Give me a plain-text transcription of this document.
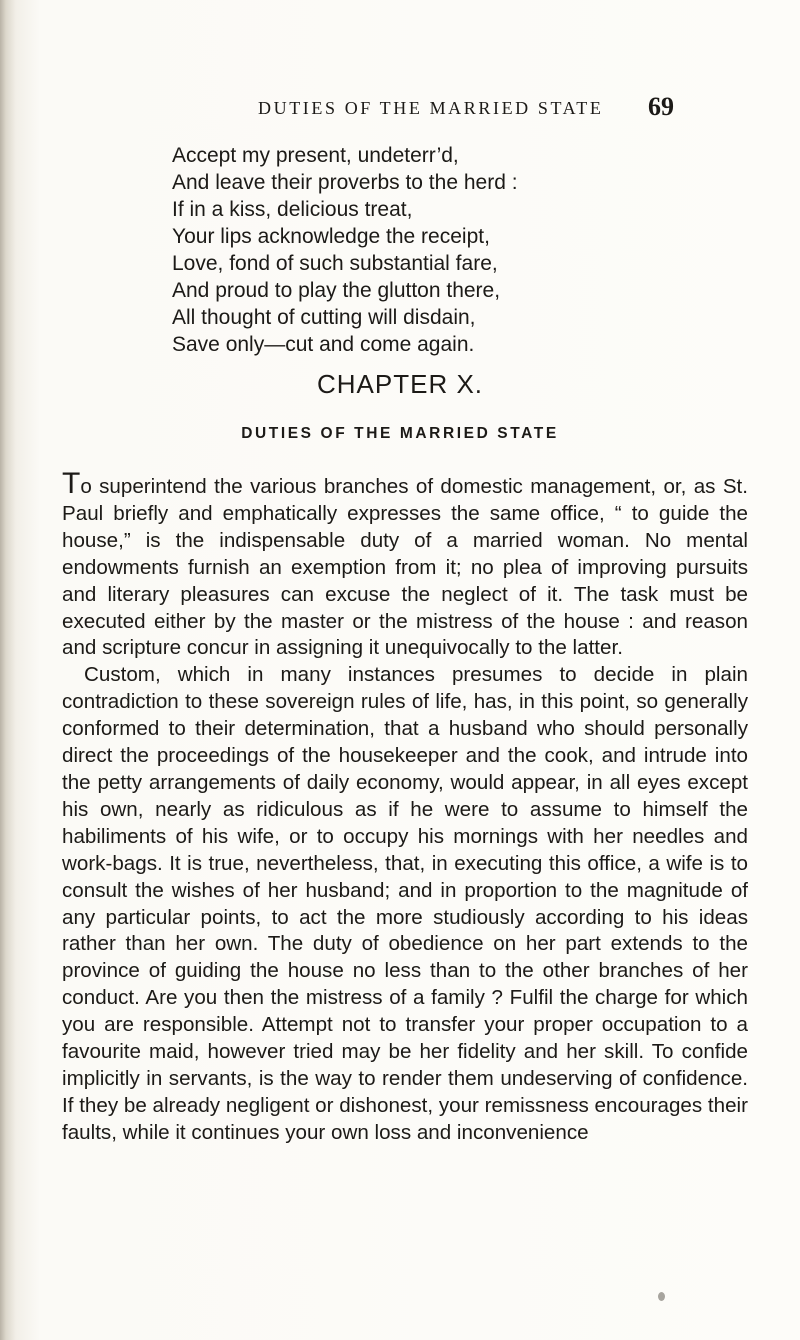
DUTIES OF THE MARRIED STATE 69
Accept my present, undeterr’d,
And leave their proverbs to the herd :
If in a kiss, delicious treat,
Your lips acknowledge the receipt,
Love, fond of such substantial fare,
And proud to play the glutton there,
All thought of cutting will disdain,
Save only—cut and come again.
CHAPTER X.
DUTIES OF THE MARRIED STATE

To superintend the various branches of domestic management, or, as St. Paul briefly and emphatically expresses the same office, “ to guide the house,” is the indispensable duty of a married woman. No mental endowments furnish an exemption from it; no plea of improving pursuits and literary pleasures can excuse the neglect of it. The task must be executed either by the master or the mistress of the house : and reason and scripture concur in assigning it unequivocally to the latter.

Custom, which in many instances presumes to decide in plain contradiction to these sovereign rules of life, has, in this point, so generally conformed to their determination, that a husband who should personally direct the proceedings of the housekeeper and the cook, and intrude into the petty arrangements of daily economy, would appear, in all eyes except his own, nearly as ridiculous as if he were to assume to himself the habiliments of his wife, or to occupy his mornings with her needles and work-bags. It is true, nevertheless, that, in executing this office, a wife is to consult the wishes of her husband; and in proportion to the magnitude of any particular points, to act the more studiously according to his ideas rather than her own. The duty of obedience on her part extends to the province of guiding the house no less than to the other branches of her conduct. Are you then the mistress of a family ? Fulfil the charge for which you are responsible. Attempt not to transfer your proper occupation to a favourite maid, however tried may be her fidelity and her skill. To confide implicitly in servants, is the way to render them undeserving of confidence. If they be already negligent or dishonest, your remissness encourages their faults, while it continues your own loss and inconvenience
